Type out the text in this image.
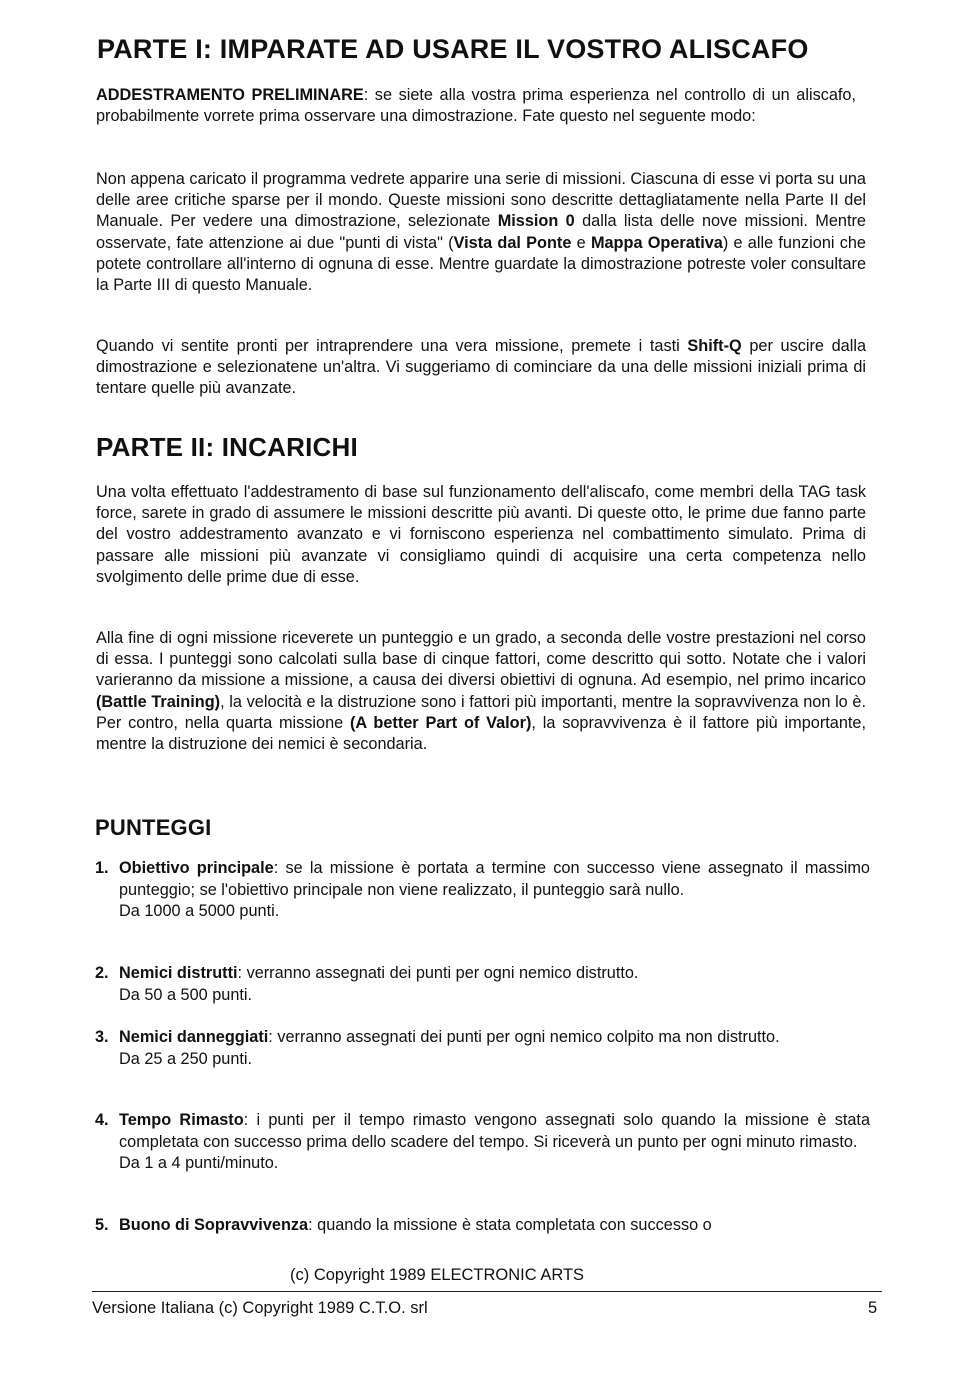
PARTE I: IMPARATE AD USARE IL VOSTRO ALISCAFO

ADDESTRAMENTO PRELIMINARE: se siete alla vostra prima esperienza nel controllo di un aliscafo, probabilmente vorrete prima osservare una dimostrazione. Fate questo nel seguente modo:

Non appena caricato il programma vedrete apparire una serie di missioni. Ciascuna di esse vi porta su una delle aree critiche sparse per il mondo. Queste missioni sono descritte dettagliatamente nella Parte II del Manuale. Per vedere una dimostrazione, selezionate Mission 0 dalla lista delle nove missioni. Mentre osservate, fate attenzione ai due "punti di vista" (Vista dal Ponte e Mappa Operativa) e alle funzioni che potete controllare all'interno di ognuna di esse. Mentre guardate la dimostrazione potreste voler consultare la Parte III di questo Manuale.

Quando vi sentite pronti per intraprendere una vera missione, premete i tasti Shift-Q per uscire dalla dimostrazione e selezionatene un'altra. Vi suggeriamo di cominciare da una delle missioni iniziali prima di tentare quelle più avanzate.

PARTE II: INCARICHI

Una volta effettuato l'addestramento di base sul funzionamento dell'aliscafo, come membri della TAG task force, sarete in grado di assumere le missioni descritte più avanti. Di queste otto, le prime due fanno parte del vostro addestramento avanzato e vi forniscono esperienza nel combattimento simulato. Prima di passare alle missioni più avanzate vi consigliamo quindi di acquisire una certa competenza nello svolgimento delle prime due di esse.

Alla fine di ogni missione riceverete un punteggio e un grado, a seconda delle vostre prestazioni nel corso di essa. I punteggi sono calcolati sulla base di cinque fattori, come descritto qui sotto. Notate che i valori varieranno da missione a missione, a causa dei diversi obiettivi di ognuna. Ad esempio, nel primo incarico (Battle Training), la velocità e la distruzione sono i fattori più importanti, mentre la sopravvivenza non lo è. Per contro, nella quarta missione (A better Part of Valor), la sopravvivenza è il fattore più importante, mentre la distruzione dei nemici è secondaria.

PUNTEGGI
1. Obiettivo principale: se la missione è portata a termine con successo viene assegnato il massimo punteggio; se l'obiettivo principale non viene realizzato, il punteggio sarà nullo.
Da 1000 a 5000 punti.
2. Nemici distrutti: verranno assegnati dei punti per ogni nemico distrutto.
Da 50 a 500 punti.
3. Nemici danneggiati: verranno assegnati dei punti per ogni nemico colpito ma non distrutto.
Da 25 a 250 punti.
4. Tempo Rimasto: i punti per il tempo rimasto vengono assegnati solo quando la missione è stata completata con successo prima dello scadere del tempo. Si riceverà un punto per ogni minuto rimasto.
Da 1 a 4 punti/minuto.
5. Buono di Sopravvivenza: quando la missione è stata completata con successo o
(c) Copyright 1989 ELECTRONIC ARTS
Versione Italiana (c) Copyright 1989 C.T.O. srl	5
